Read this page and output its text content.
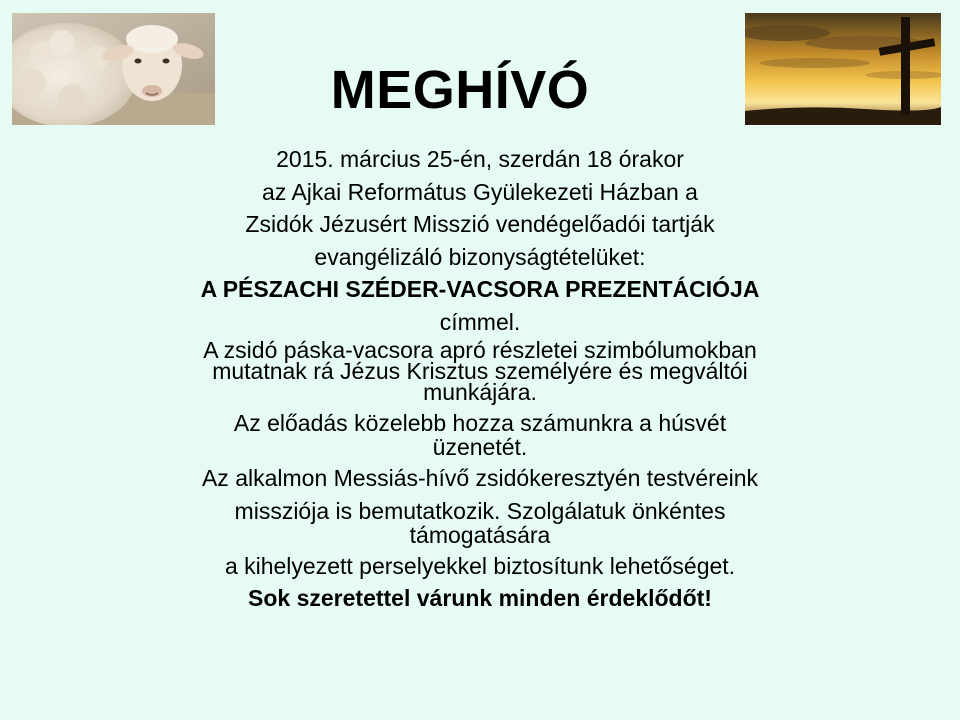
MEGHÍVÓ
2015. március 25-én, szerdán 18 órakor
az Ajkai Református Gyülekezeti Házban a
Zsidók Jézusért Misszió vendégelőadói tartják
evangélizáló bizonyságtételüket:
A PÉSZACHI SZÉDER-VACSORA PREZENTÁCIÓJA
címmel.
A zsidó páska-vacsora apró részletei szimbólumokban
mutatnak rá Jézus Krisztus személyére és megváltói
munkájára.
Az előadás közelebb hozza számunkra a húsvét
üzenetét.
Az alkalmon Messiás-hívő zsidókeresztyén testvéreink
missziója is bemutatkozik. Szolgálatuk önkéntes
támogatására
a kihelyezett perselyekkel biztosítunk lehetőséget.
Sok szeretettel várunk minden érdeklődőt!
